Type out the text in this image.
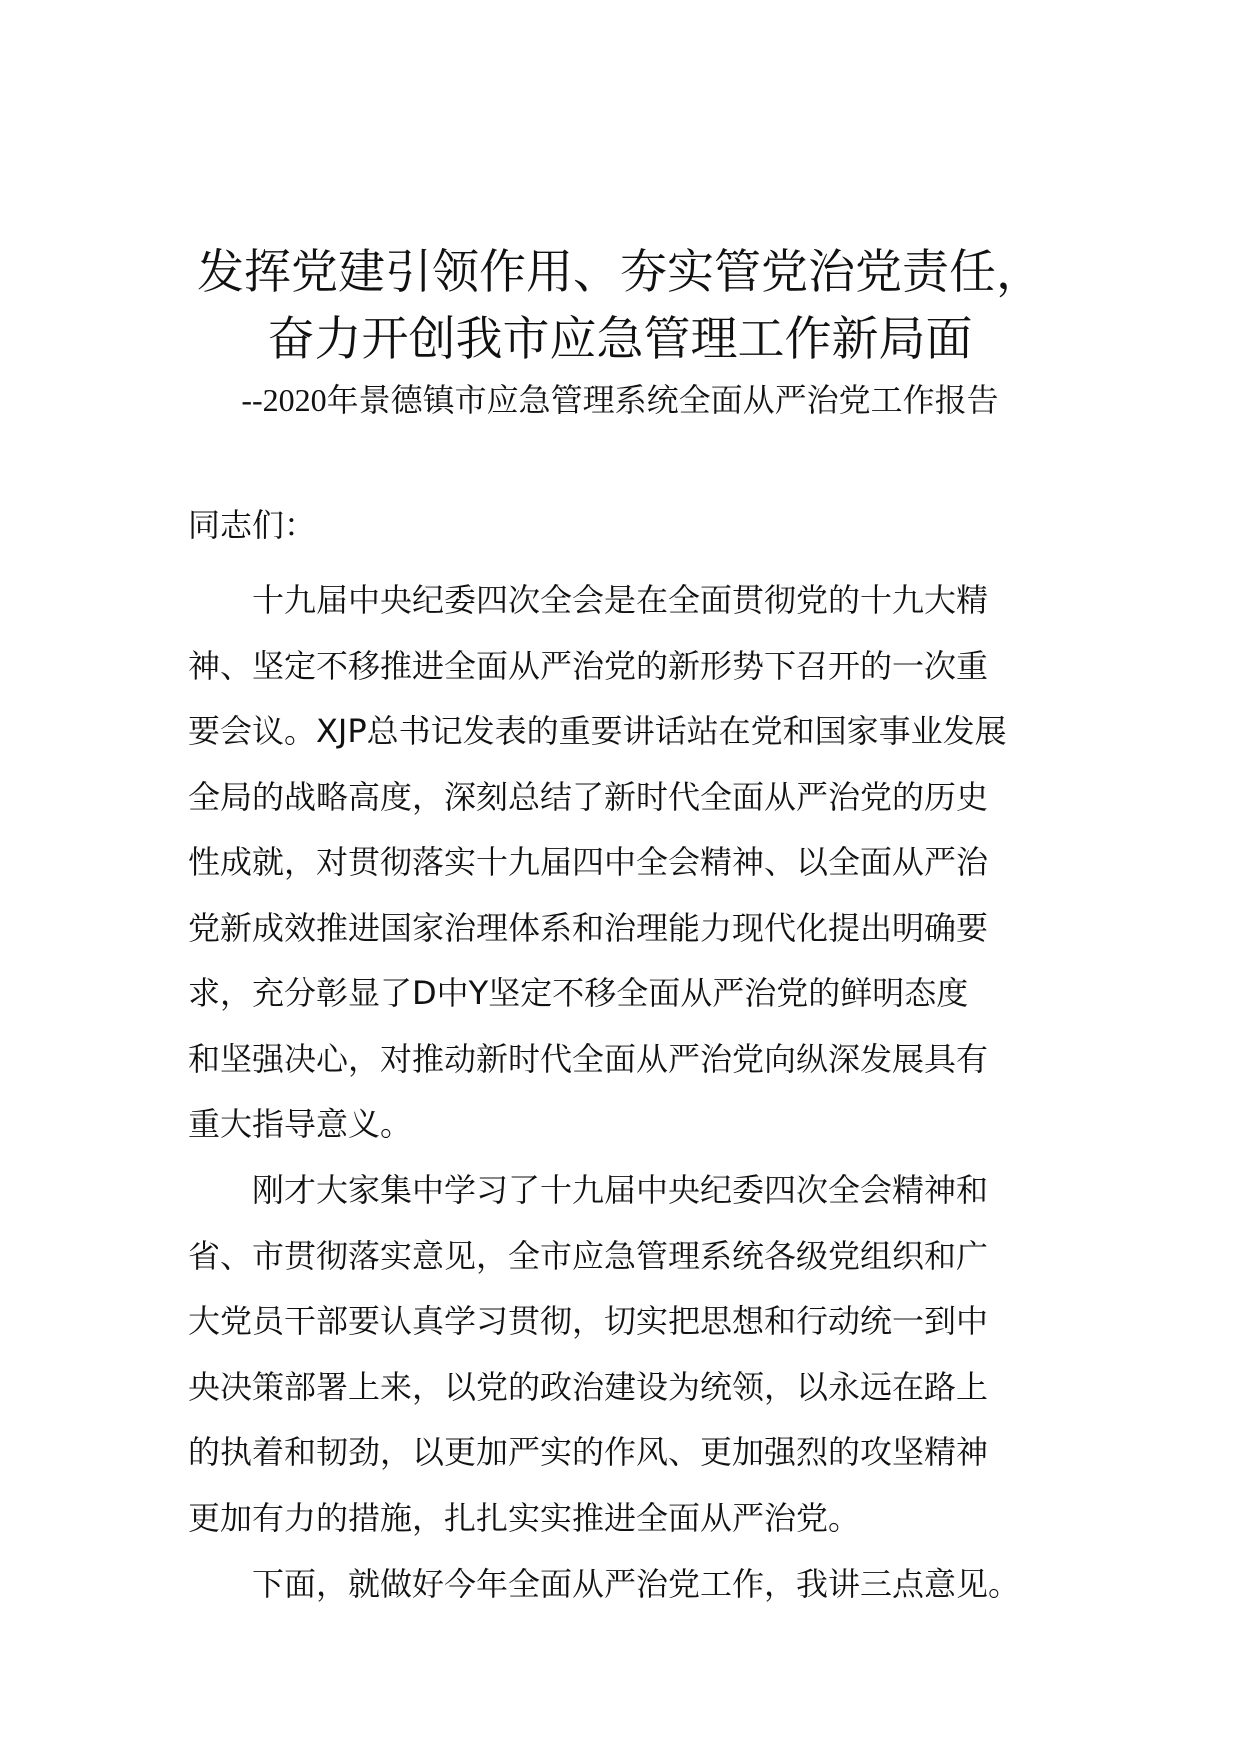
发挥党建引领作用、夯实管党治党责任，
奋力开创我市应急管理工作新局面
--2020年景德镇市应急管理系统全面从严治党工作报告
同志们：
十九届中央纪委四次全会是在全面贯彻党的十九大精
神、坚定不移推进全面从严治党的新形势下召开的一次重
要会议。XJP总书记发表的重要讲话站在党和国家事业发展
全局的战略高度，深刻总结了新时代全面从严治党的历史
性成就，对贯彻落实十九届四中全会精神、以全面从严治
党新成效推进国家治理体系和治理能力现代化提出明确要
求，充分彰显了D中Y坚定不移全面从严治党的鲜明态度
和坚强决心，对推动新时代全面从严治党向纵深发展具有
重大指导意义。
刚才大家集中学习了十九届中央纪委四次全会精神和
省、市贯彻落实意见，全市应急管理系统各级党组织和广
大党员干部要认真学习贯彻，切实把思想和行动统一到中
央决策部署上来，以党的政治建设为统领，以永远在路上
的执着和韧劲，以更加严实的作风、更加强烈的攻坚精神
更加有力的措施，扎扎实实推进全面从严治党。
下面，就做好今年全面从严治党工作，我讲三点意见。
